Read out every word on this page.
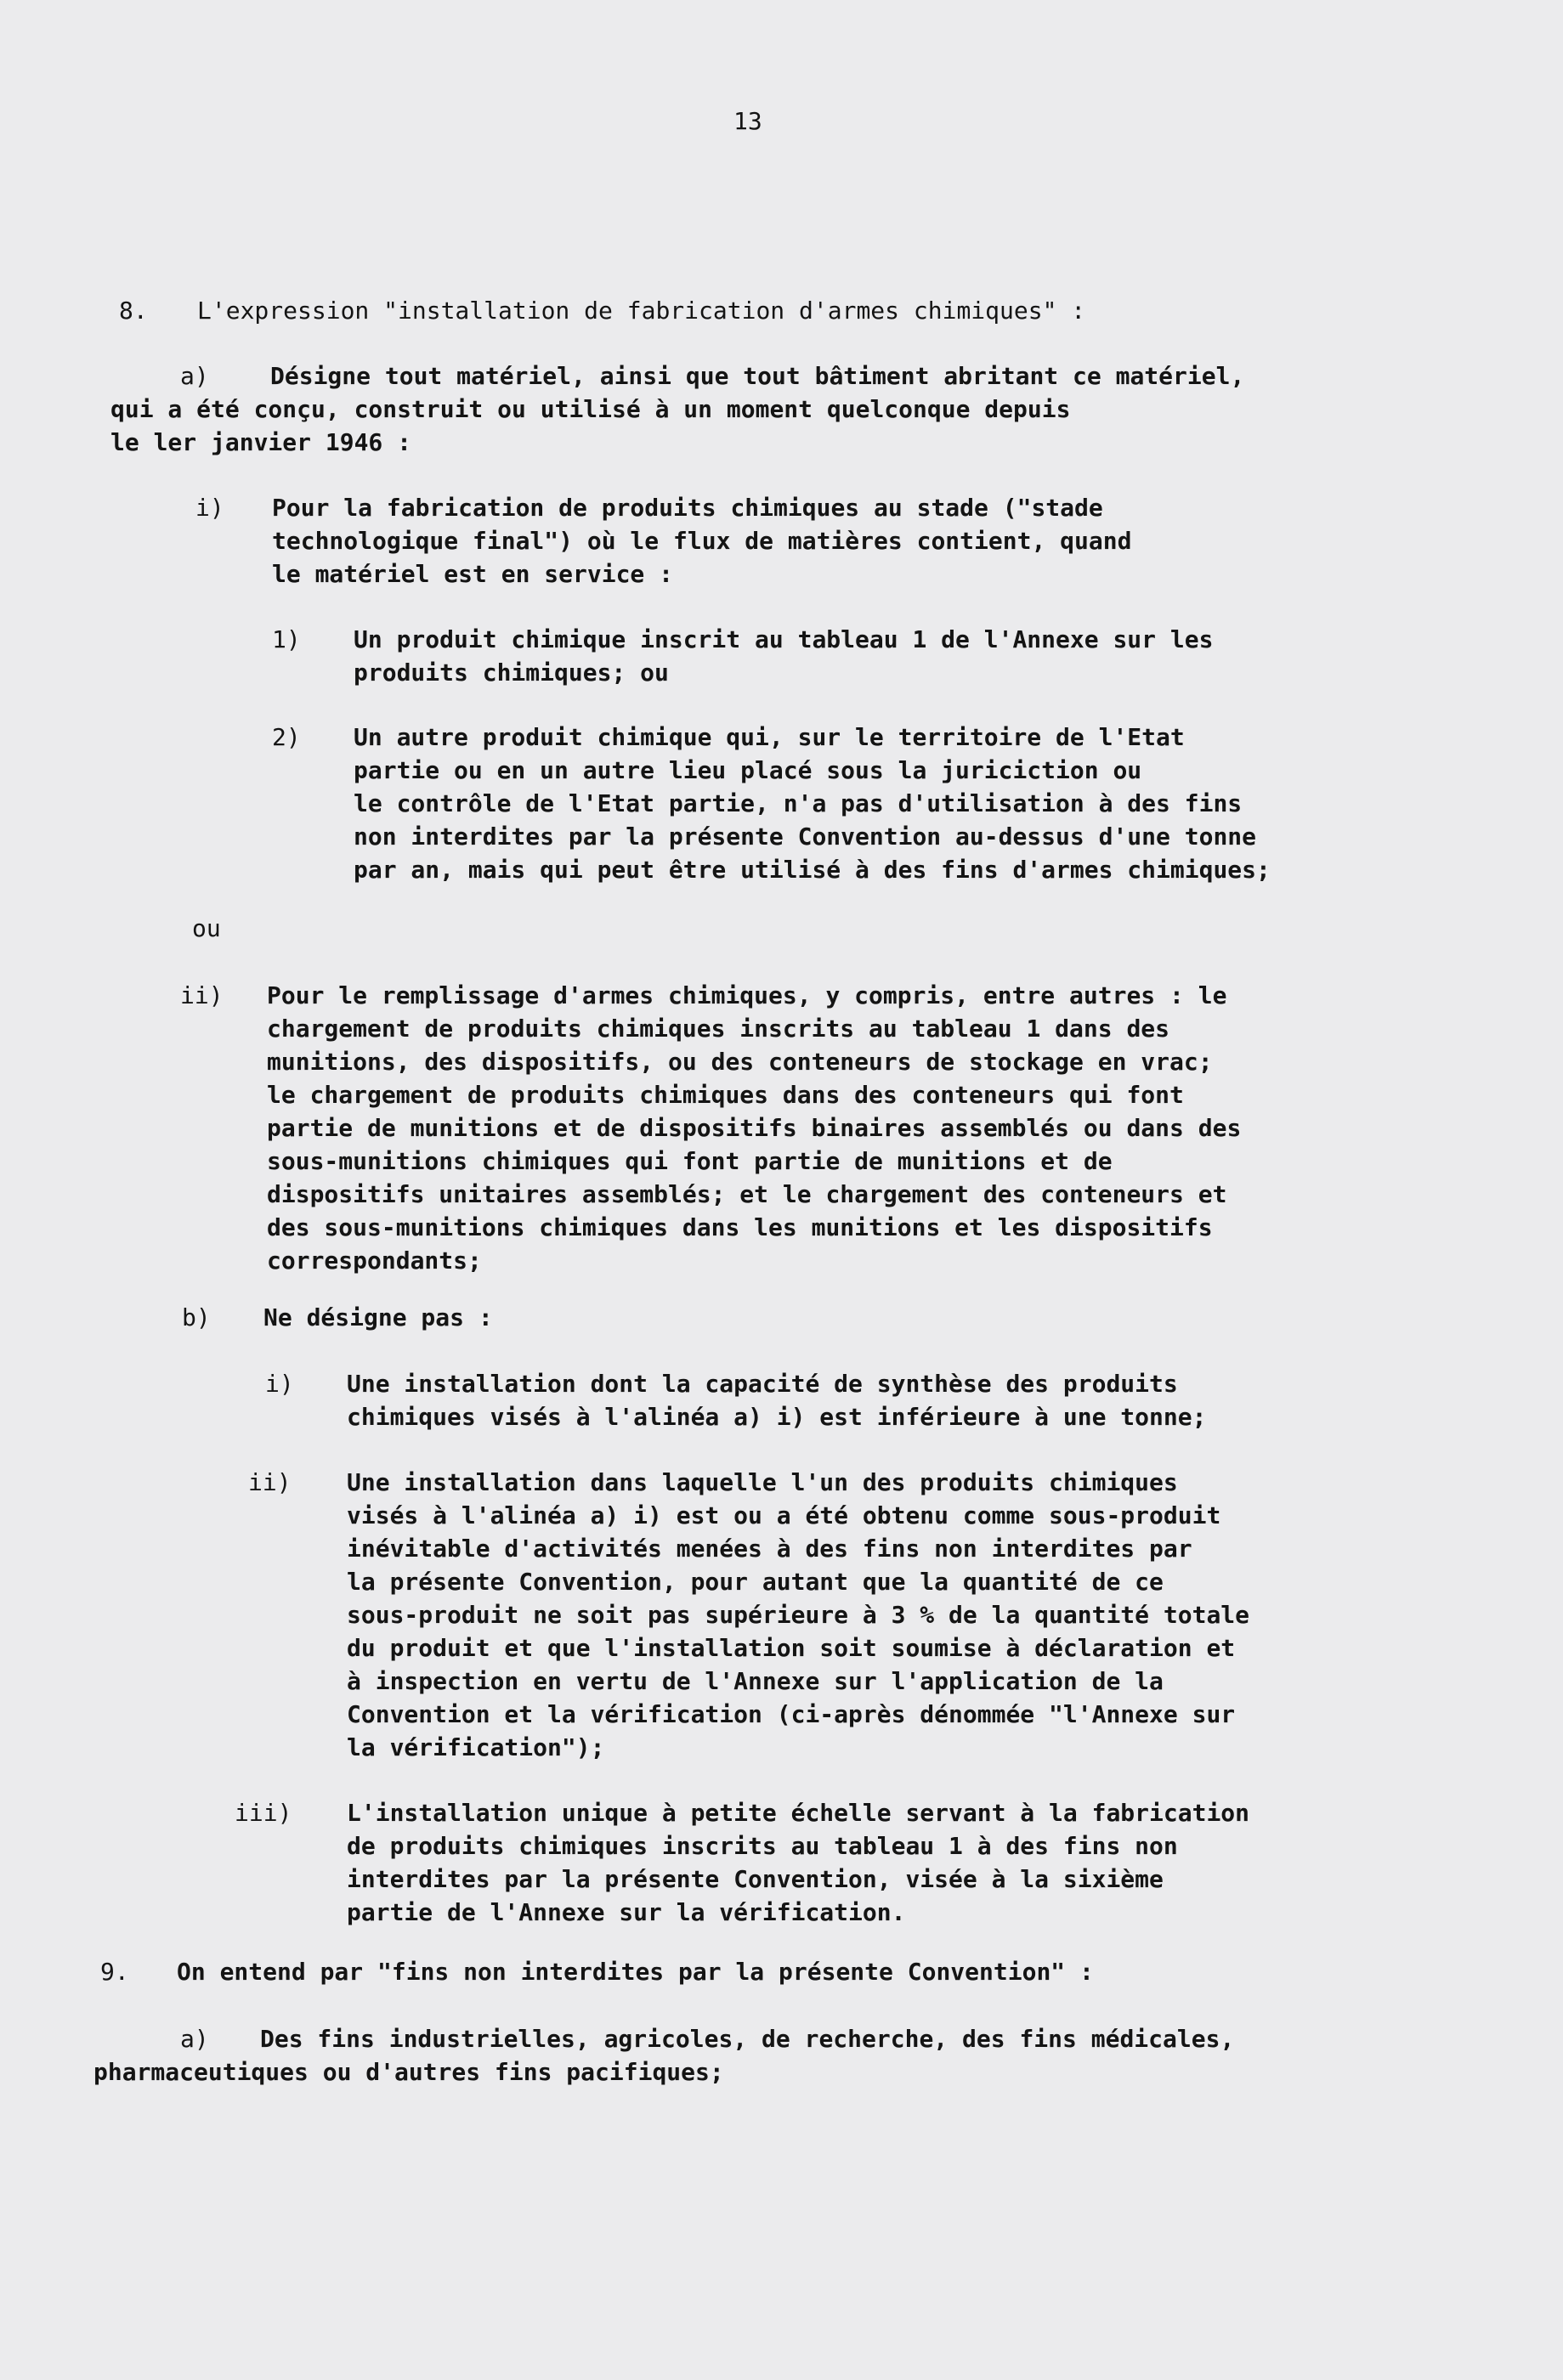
13
8. L'expression "installation de fabrication d'armes chimiques" :
a)	Désigne tout matériel, ainsi que tout bâtiment abritant ce matériel,
qui a été conçu, construit ou utilisé à un moment quelconque depuis
le ler janvier 1946 :
i) Pour la fabrication de produits chimiques au stade ("stade
technologique final") où le flux de matières contient, quand
le matériel est en service :
1) Un produit chimique inscrit au tableau 1 de l'Annexe sur les
produits chimiques; ou
2) Un autre produit chimique qui, sur le territoire de l'Etat
partie ou en un autre lieu placé sous la juriciction ou
le contrôle de l'Etat partie, n'a pas d'utilisation à des fins
non interdites par la présente Convention au-dessus d'une tonne
par an, mais qui peut être utilisé à des fins d'armes chimiques;
ou
ii) Pour le remplissage d'armes chimiques, y compris, entre autres : le
chargement de produits chimiques inscrits au tableau 1 dans des
munitions, des dispositifs, ou des conteneurs de stockage en vrac;
le chargement de produits chimiques dans des conteneurs qui font
partie de munitions et de dispositifs binaires assemblés ou dans des
sous-munitions chimiques qui font partie de munitions et de
dispositifs unitaires assemblés; et le chargement des conteneurs et
des sous-munitions chimiques dans les munitions et les dispositifs
correspondants;
b) Ne désigne pas :
i) Une installation dont la capacité de synthèse des produits
chimiques visés à l'alinéa a) i) est inférieure à une tonne;
ii) Une installation dans laquelle l'un des produits chimiques
visés à l'alinéa a) i) est ou a été obtenu comme sous-produit
inévitable d'activités menées à des fins non interdites par
la présente Convention, pour autant que la quantité de ce
sous-produit ne soit pas supérieure à 3 % de la quantité totale
du produit et que l'installation soit soumise à déclaration et
à inspection en vertu de l'Annexe sur l'application de la
Convention et la vérification (ci-après dénommée "l'Annexe sur
la vérification");
iii) L'installation unique à petite échelle servant à la fabrication
de produits chimiques inscrits au tableau 1 à des fins non
interdites par la présente Convention, visée à la sixième
partie de l'Annexe sur la vérification.
9. On entend par "fins non interdites par la présente Convention" :
a) Des fins industrielles, agricoles, de recherche, des fins médicales,
pharmaceutiques ou d'autres fins pacifiques;
